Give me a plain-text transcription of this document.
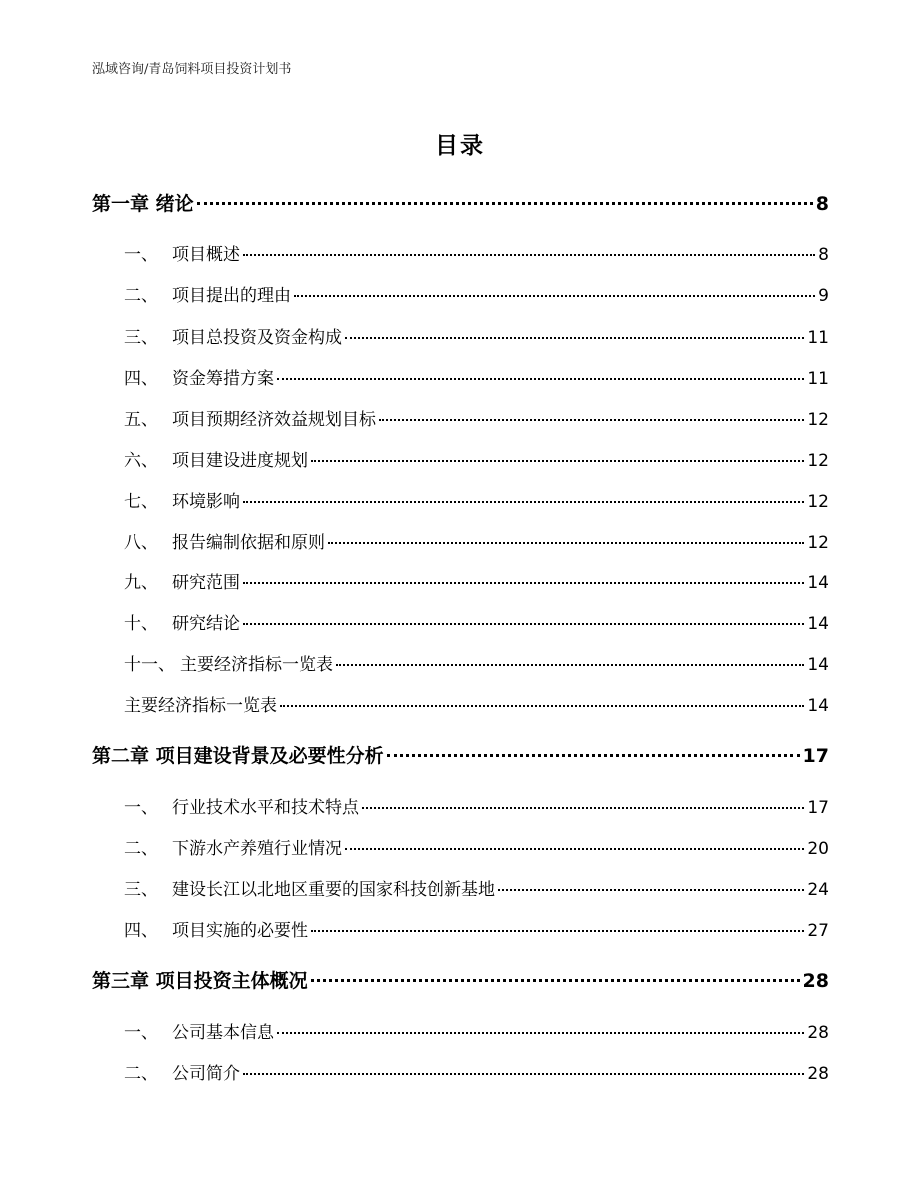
泓域咨询/青岛饲料项目投资计划书
目录
第一章 绪论	8
一、 项目概述	8
二、 项目提出的理由	9
三、 项目总投资及资金构成	11
四、 资金筹措方案	11
五、 项目预期经济效益规划目标	12
六、 项目建设进度规划	12
七、 环境影响	12
八、 报告编制依据和原则	12
九、 研究范围	14
十、 研究结论	14
十一、 主要经济指标一览表	14
主要经济指标一览表	14
第二章 项目建设背景及必要性分析	17
一、 行业技术水平和技术特点	17
二、 下游水产养殖行业情况	20
三、 建设长江以北地区重要的国家科技创新基地	24
四、 项目实施的必要性	27
第三章 项目投资主体概况	28
一、 公司基本信息	28
二、 公司简介	28
